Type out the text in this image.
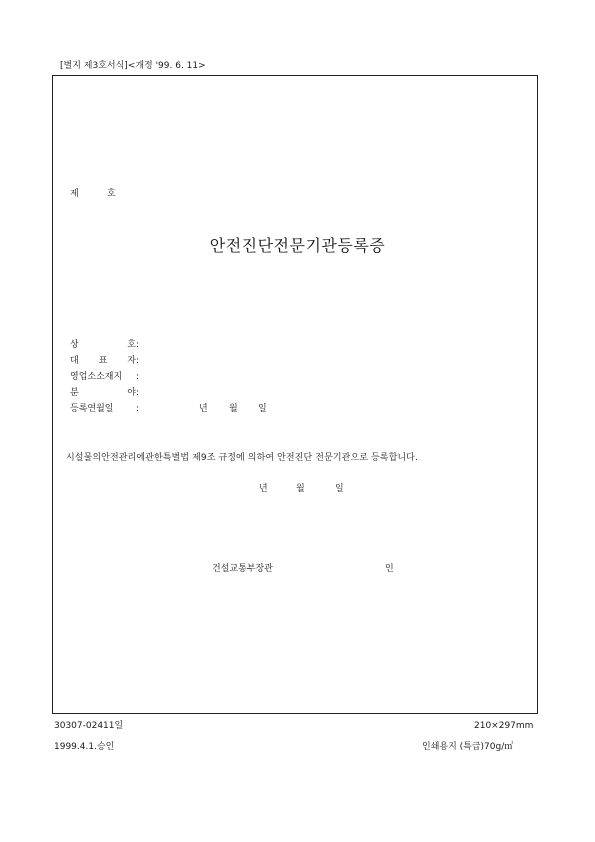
[별지 제3호서식]<개정 '99. 6. 11>
제	호
안전진단전문기관등록증
상 호 :
대 표 자 :
영업소소재지	:
분 야 :
등록연월일	:	년 월 일
시설물의안전관리에관한특별법 제9조 규정에 의하여 안전진단 전문기관으로 등록합니다.
년	월	일
건설교통부장관	인
30307-02411일	210×297mm
1999.4.1.승인	인쇄용지 (특급)70g/㎡
